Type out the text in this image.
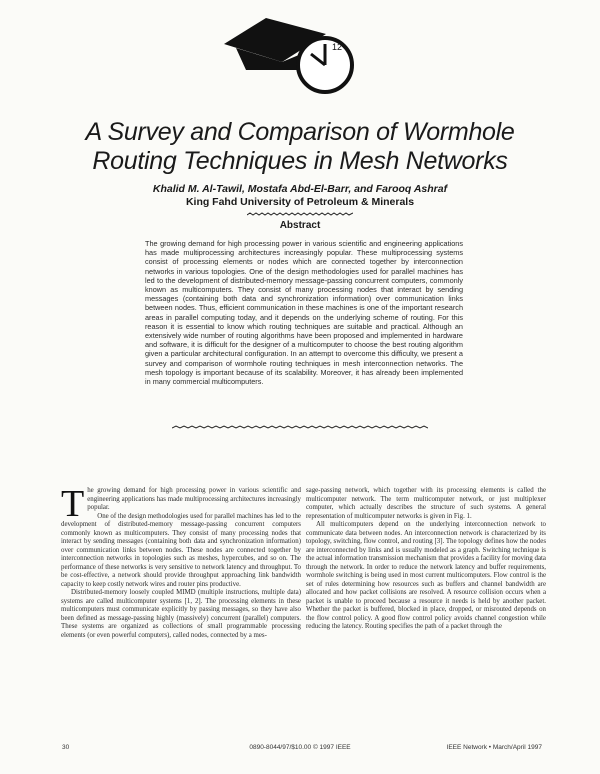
12
A Survey and Comparison of Wormhole Routing Techniques in Mesh Networks
Khalid M. Al-Tawil, Mostafa Abd-El-Barr, and Farooq Ashraf
King Fahd University of Petroleum & Minerals
Abstract

The growing demand for high processing power in various scientific and engineering applications has made multiprocessing architectures increasingly popular. These multiprocessing systems consist of processing elements or nodes which are connected together by interconnection networks in various topologies. One of the design methodologies used for parallel machines has led to the development of distributed-memory message-passing concurrent computers, commonly known as multicomputers. They consist of many processing nodes that interact by sending messages (containing both data and synchronization information) over communication links between nodes. Thus, efficient communication in these machines is one of the important research areas in parallel computing today, and it depends on the underlying scheme of routing. For this reason it is essential to know which routing techniques are suitable and practical. Although an extensively wide number of routing algorithms have been proposed and implemented in hardware and software, it is difficult for the designer of a multicomputer to choose the best routing algorithm given a particular architectural configuration. In an attempt to overcome this difficulty, we present a survey and comparison of wormhole routing techniques in mesh interconnection networks. The mesh topology is important because of its scalability. Moreover, it has already been implemented in many commercial multicomputers.

The growing demand for high processing power in various scientific and engineering applications has made multiprocessing architectures increasingly popular.

One of the design methodologies used for parallel machines has led to the development of distributed-memory message-passing concurrent computers commonly known as multicomputers. They consist of many processing nodes that interact by sending messages (containing both data and synchronization information) over communication links between nodes. These nodes are connected together by interconnection networks in topologies such as meshes, hypercubes, and so on. The performance of these networks is very sensitive to network latency and throughput. To be cost-effective, a network should provide throughput approaching link bandwidth capacity to keep costly network wires and router pins productive.

Distributed-memory loosely coupled MIMD (multiple instructions, multiple data) systems are called multicomputer systems [1, 2]. The processing elements in these multicomputers must communicate explicitly by passing messages, so they have also been defined as message-passing highly (massively) concurrent (parallel) computers. These systems are organized as collections of small programmable processing elements (or even powerful computers), called nodes, connected by a mes-

sage-passing network, which together with its processing elements is called the multicomputer network. The term multicomputer network, or just multiplexer computer, which actually describes the structure of such systems. A general representation of multicomputer networks is given in Fig. 1.

All multicomputers depend on the underlying interconnection network to communicate data between nodes. An interconnection network is characterized by its topology, switching, flow control, and routing [3]. The topology defines how the nodes are interconnected by links and is usually modeled as a graph. Switching technique is the actual information transmission mechanism that provides a facility for moving data through the network. In order to reduce the network latency and buffer requirements, wormhole switching is being used in most current multicomputers. Flow control is the set of rules determining how resources such as buffers and channel bandwidth are allocated and how packet collisions are resolved. A resource collision occurs when a packet is unable to proceed because a resource it needs is held by another packet. Whether the packet is buffered, blocked in place, dropped, or misrouted depends on the flow control policy. A good flow control policy avoids channel congestion while reducing the latency. Routing specifies the path of a packet through the

30	0890-8044/97/$10.00 © 1997 IEEE	IEEE Network • March/April 1997
